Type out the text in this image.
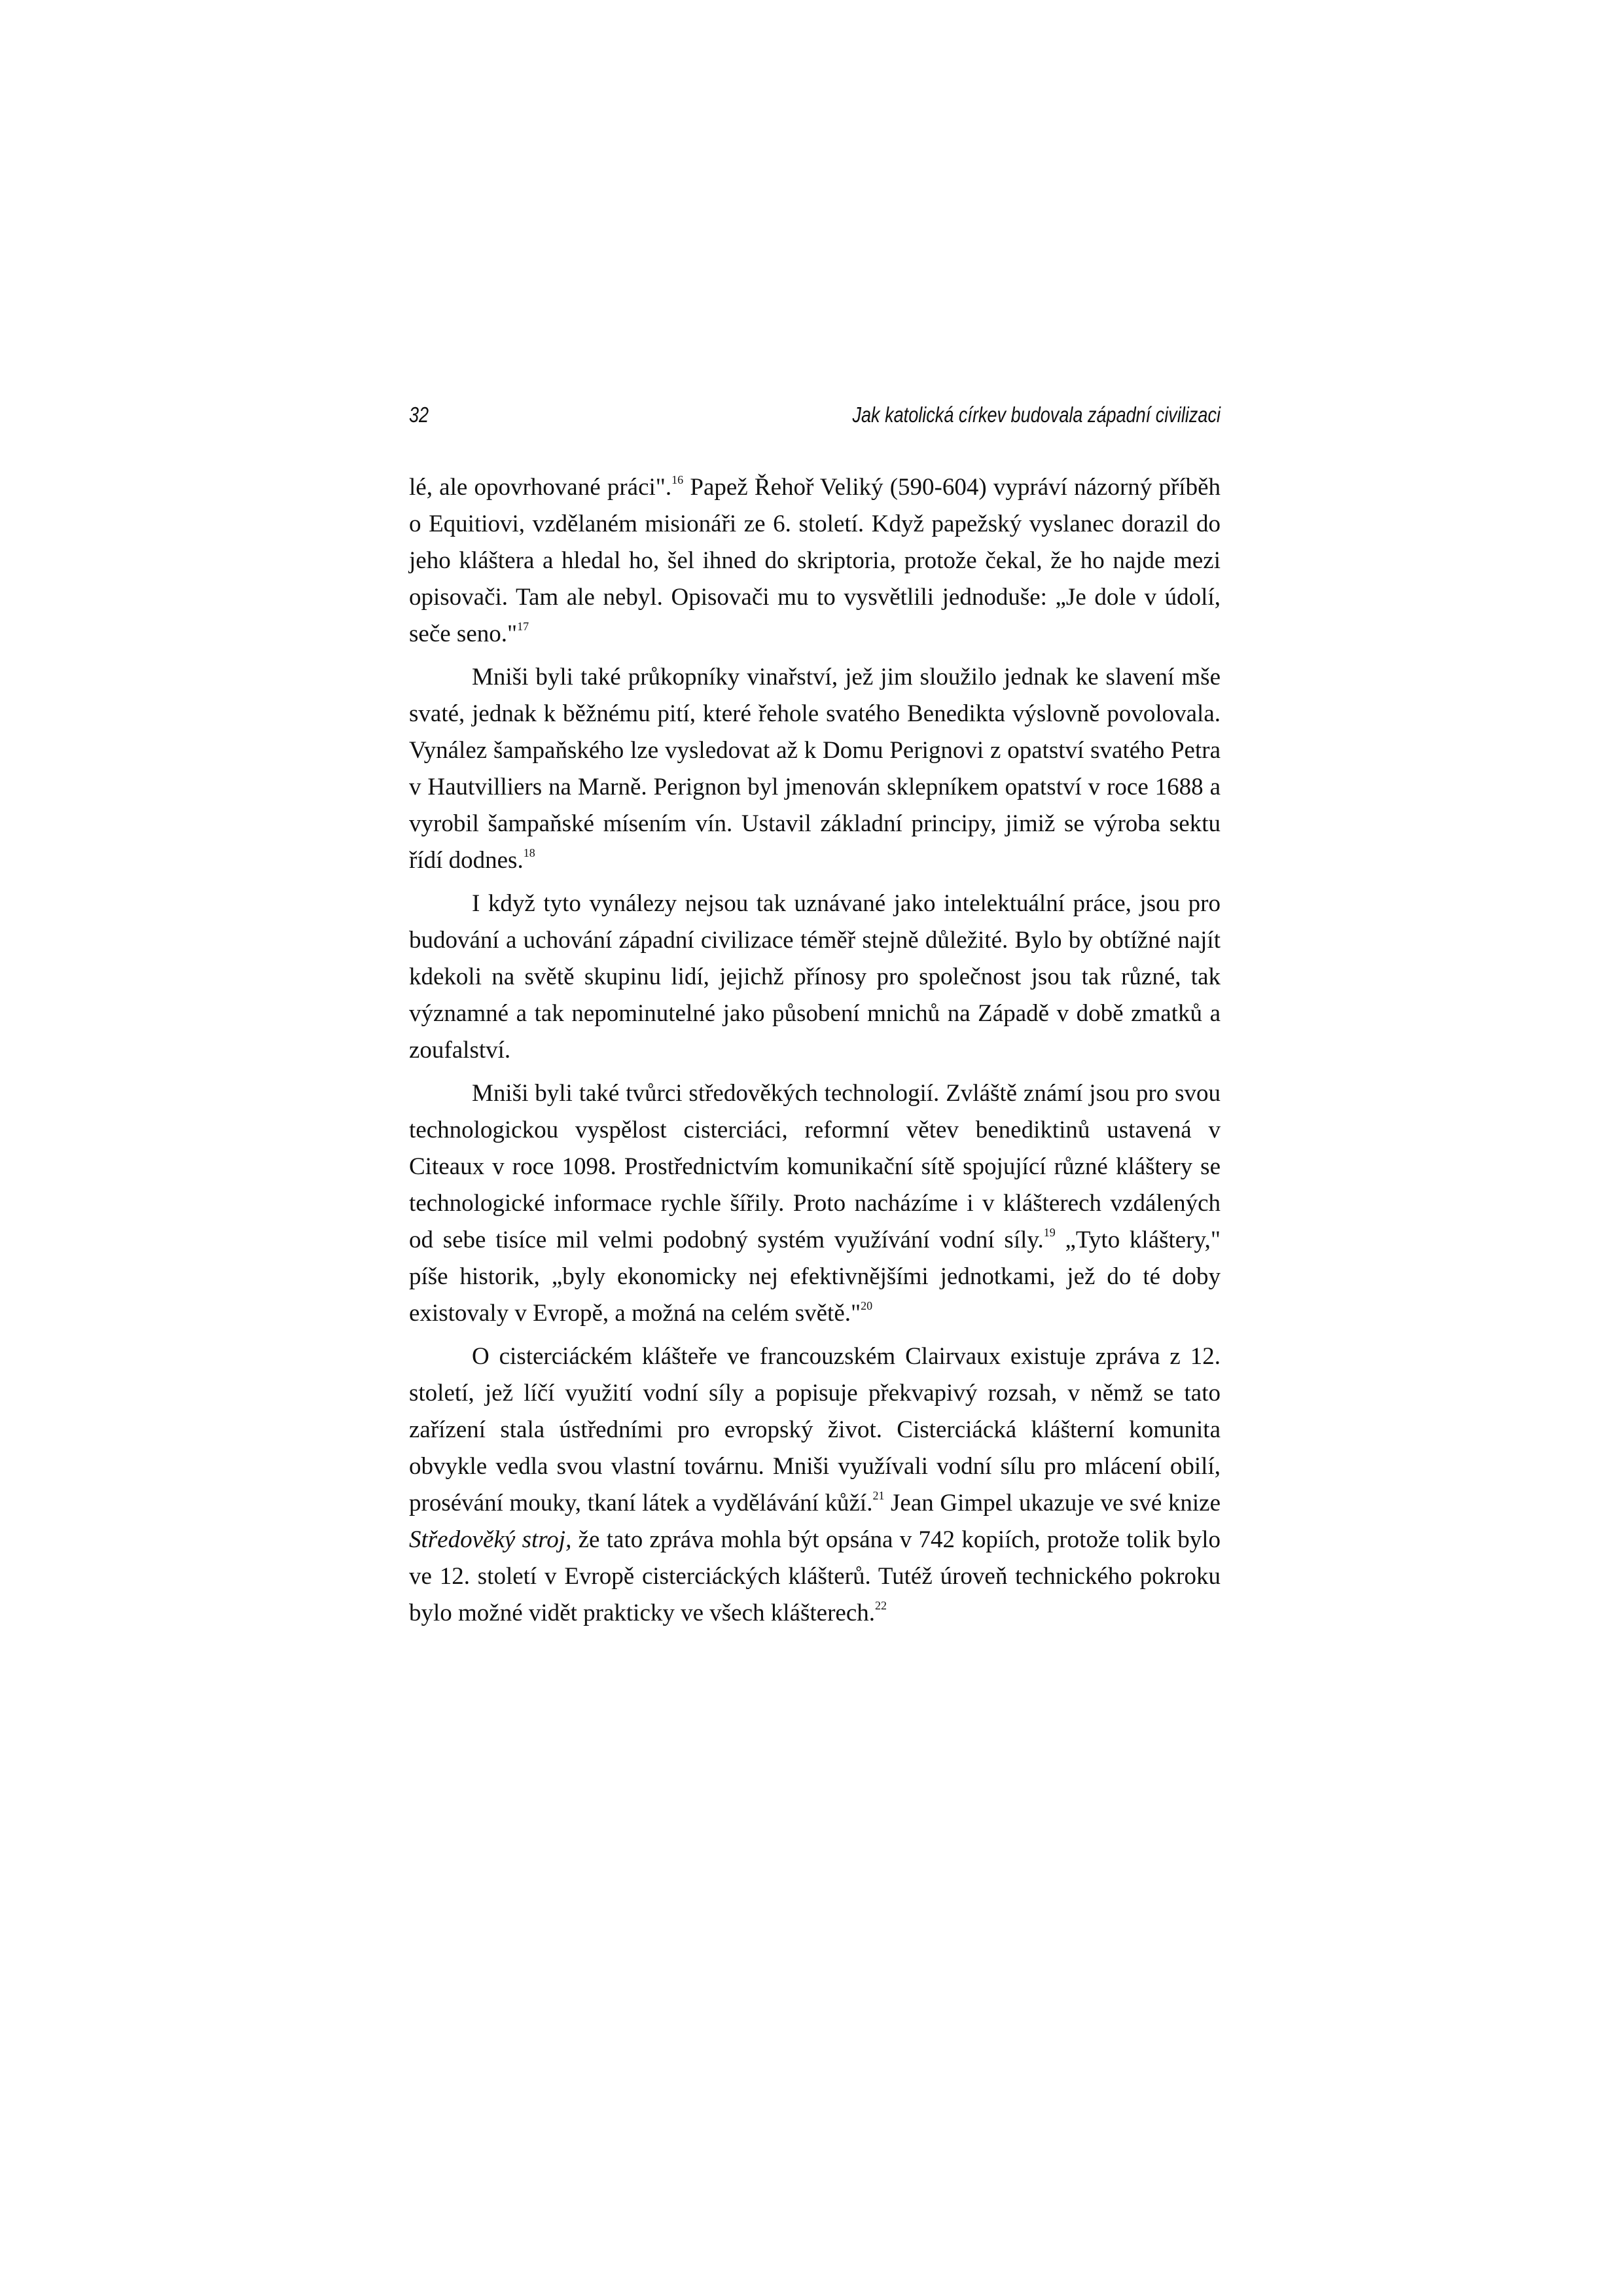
32	Jak katolická církev budovala západní civilizaci

lé, ale opovrhované práci".$^{16}$ Papež Řehoř Veliký (590-604) vypráví názorný příběh o Equitiovi, vzdělaném misionáři ze 6. století. Když papežský vyslanec dorazil do jeho kláštera a hledal ho, šel ihned do skriptoria, protože čekal, že ho najde mezi opisovači. Tam ale nebyl. Opisovači mu to vysvětlili jednoduše: „Je dole v údolí, seče seno."$^{17}$

Mniši byli také průkopníky vinařství, jež jim sloužilo jednak ke slavení mše svaté, jednak k běžnému pití, které řehole svatého Benedikta výslovně povolovala. Vynález šampaňského lze vysledovat až k Domu Perignovi z opatství svatého Petra v Hautvilliers na Marně. Perignon byl jmenován sklepníkem opatství v roce 1688 a vyrobil šampaňské mísením vín. Ustavil základní principy, jimiž se výroba sektu řídí dodnes.$^{18}$

I když tyto vynálezy nejsou tak uznávané jako intelektuální práce, jsou pro budování a uchování západní civilizace téměř stejně důležité. Bylo by obtížné najít kdekoli na světě skupinu lidí, jejichž přínosy pro společnost jsou tak různé, tak významné a tak nepominutelné jako působení mnichů na Západě v době zmatků a zoufalství.

Mniši byli také tvůrci středověkých technologií. Zvláště známí jsou pro svou technologickou vyspělost cisterciáci, reformní větev benediktinů ustavená v Citeaux v roce 1098. Prostřednictvím komunikační sítě spojující různé kláštery se technologické informace rychle šířily. Proto nacházíme i v klášterech vzdálených od sebe tisíce mil velmi podobný systém využívání vodní síly.$^{19}$ „Tyto kláštery," píše historik, „byly ekonomicky nej efektivnějšími jednotkami, jež do té doby existovaly v Evropě, a možná na celém světě."$^{20}$

O cisterciáckém klášteře ve francouzském Clairvaux existuje zpráva z 12. století, jež líčí využití vodní síly a popisuje překvapivý rozsah, v němž se tato zařízení stala ústředními pro evropský život. Cisterciácká klášterní komunita obvykle vedla svou vlastní továrnu. Mniši využívali vodní sílu pro mlácení obilí, prosévání mouky, tkaní látek a vydělávání kůží.$^{21}$ Jean Gimpel ukazuje ve své knize Středověký stroj, že tato zpráva mohla být opsána v 742 kopiích, protože tolik bylo ve 12. století v Evropě cisterciáckých klášterů. Tutéž úroveň technického pokroku bylo možné vidět prakticky ve všech klášterech.$^{22}$
